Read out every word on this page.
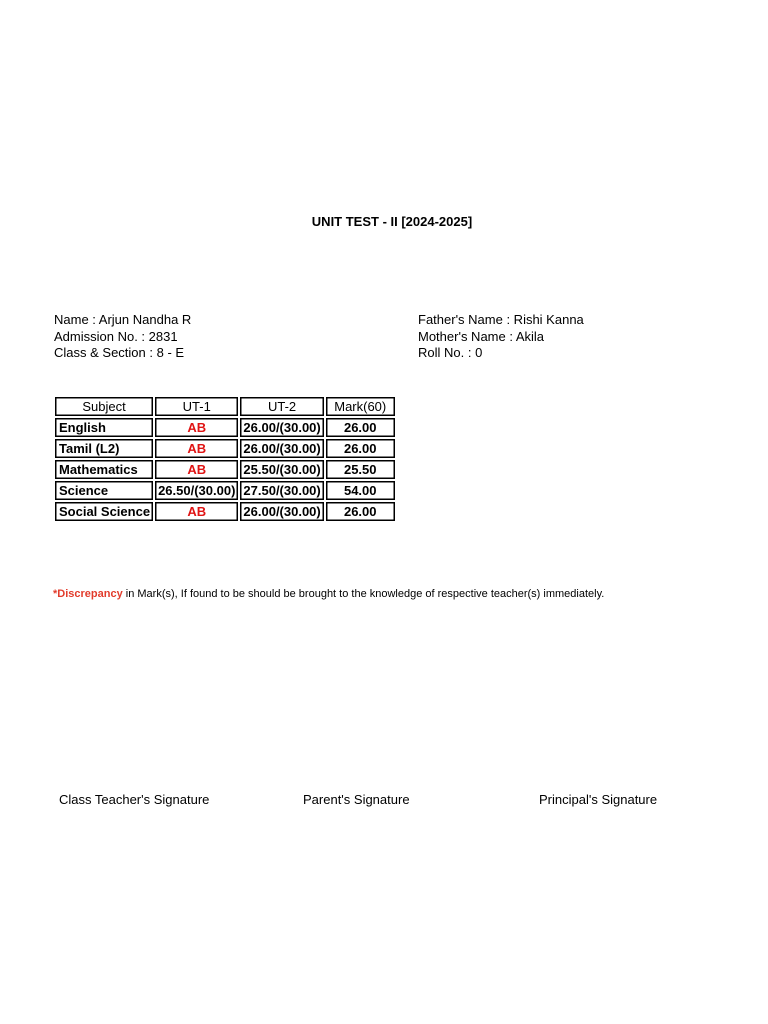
UNIT TEST - II [2024-2025]
Name : Arjun Nandha R
Admission No. : 2831
Class & Section : 8 - E
Father's Name : Rishi Kanna
Mother's Name : Akila
Roll No. : 0
Subject	UT-1	UT-2	Mark(60)
English	AB	26.00/(30.00)	26.00
Tamil (L2)	AB	26.00/(30.00)	26.00
Mathematics	AB	25.50/(30.00)	25.50
Science	26.50/(30.00)	27.50/(30.00)	54.00
Social Science	AB	26.00/(30.00)	26.00
*Discrepancy in Mark(s), If found to be should be brought to the knowledge of respective teacher(s) immediately.
Class Teacher's Signature	Parent's Signature	Principal's Signature
